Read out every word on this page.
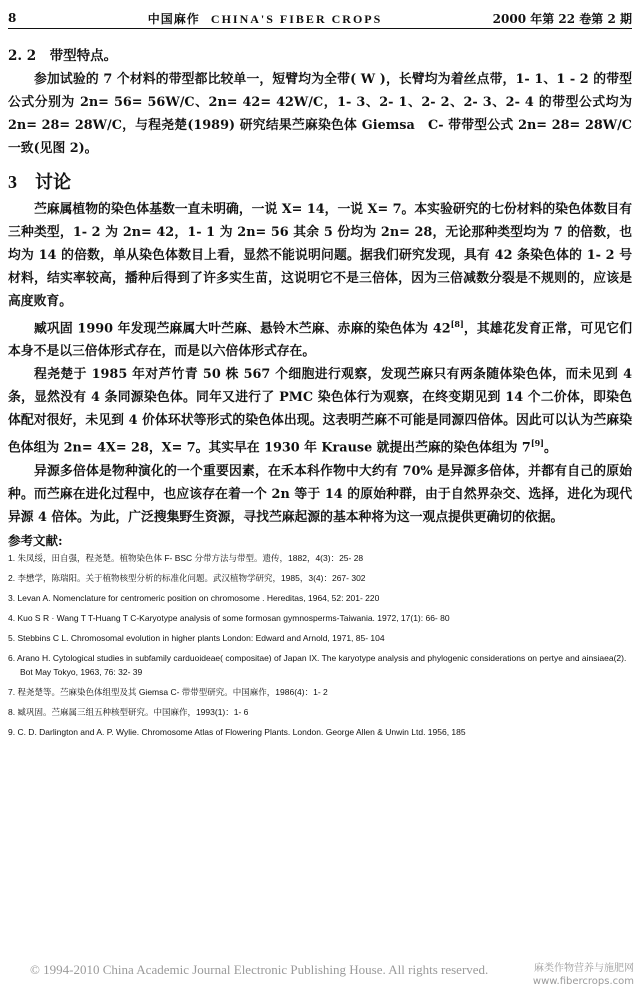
8	中国麻作 CHINA'S FIBER CROPS	2000 年第 22 卷第 2 期
2. 2　带型特点。

参加试验的 7 个材料的带型都比较单一，短臂均为全带( W )，长臂均为着丝点带，1- 1、1 - 2 的带型公式分别为 2n= 56= 56W/C、2n= 42= 42W/C，1- 3、2- 1、2- 2、2- 3、2- 4 的带型公式均为 2n= 28= 28W/C，与程尧楚(1989) 研究结果苎麻染色体 Giemsa　C- 带带型公式 2n= 28= 28W/C 一致(见图 2)。

3 讨论

苎麻属植物的染色体基数一直未明确，一说 X= 14，一说 X= 7。本实验研究的七份材料的染色体数目有三种类型，1- 2 为 2n= 42，1- 1 为 2n= 56 其余 5 份均为 2n= 28，无论那种类型均为 7 的倍数，也均为 14 的倍数，单从染色体数目上看，显然不能说明问题。据我们研究发现，具有 42 条染色体的 1- 2 号材料，结实率较高，播种后得到了许多实生苗，这说明它不是三倍体，因为三倍减数分裂是不规则的，应该是高度败育。

臧巩固 1990 年发现苎麻属大叶苎麻、悬铃木苎麻、赤麻的染色体为 42[8]，其雄花发育正常，可见它们本身不是以三倍体形式存在，而是以六倍体形式存在。

程尧楚于 1985 年对芦竹青 50 株 567 个细胞进行观察，发现苎麻只有两条随体染色体，而未见到 4 条，显然没有 4 条同源染色体。同年又进行了 PMC 染色体行为观察，在终变期见到 14 个二价体，即染色体配对很好，未见到 4 价体环状等形式的染色体出现。这表明苎麻不可能是同源四倍体。因此可以认为苎麻染色体组为 2n= 4X= 28，X= 7。其实早在 1930 年 Krause 就提出苎麻的染色体组为 7[9]。

异源多倍体是物种演化的一个重要因素，在禾本科作物中大约有 70% 是异源多倍体，并都有自己的原始种。而苎麻在进化过程中，也应该存在着一个 2n 等于 14 的原始种群，由于自然界杂交、选择，进化为现代异源 4 倍体。为此，广泛搜集野生资源，寻找苎麻起源的基本种将为这一观点提供更确切的依据。

参考文献:
1. 朱凤绥，田自强，程尧楚。植物染色体 F- BSC 分带方法与带型。遗传，1882，4(3)：25- 28
2. 李懋学，陈瑞阳。关于植物核型分析的标准化问题。武汉植物学研究，1985，3(4)：267- 302
3. Levan A. Nomenclature for centromeric position on chromosome . Hereditas, 1964, 52: 201- 220
4. Kuo S R · Wang T T-Huang T C-Karyotype analysis of some formosan gymnosperms-Taiwania. 1972, 17(1): 66- 80
5. Stebbins C L. Chromosomal evolution in higher plants London: Edward and Arnold, 1971, 85- 104
6. Arano H. Cytological studies in subfamily carduoideae( compositae) of Japan IX. The karyotype analysis and phylogenic considerations on pertye and ainsiaea(2). Bot May Tokyo, 1963, 76: 32- 39
7. 程尧楚等。苎麻染色体组型及其 Giemsa C- 带带型研究。中国麻作，1986(4)：1- 2
8. 臧巩固。苎麻属三组五种核型研究。中国麻作，1993(1)：1- 6
9. C. D. Darlington and A. P. Wylie. Chromosome Atlas of Flowering Plants. London. George Allen & Unwin Ltd. 1956, 185
© 1994-2010 China Academic Journal Electronic Publishing House. All rights reserved.	麻类作物营养与施肥网
www.fibercrops.com
